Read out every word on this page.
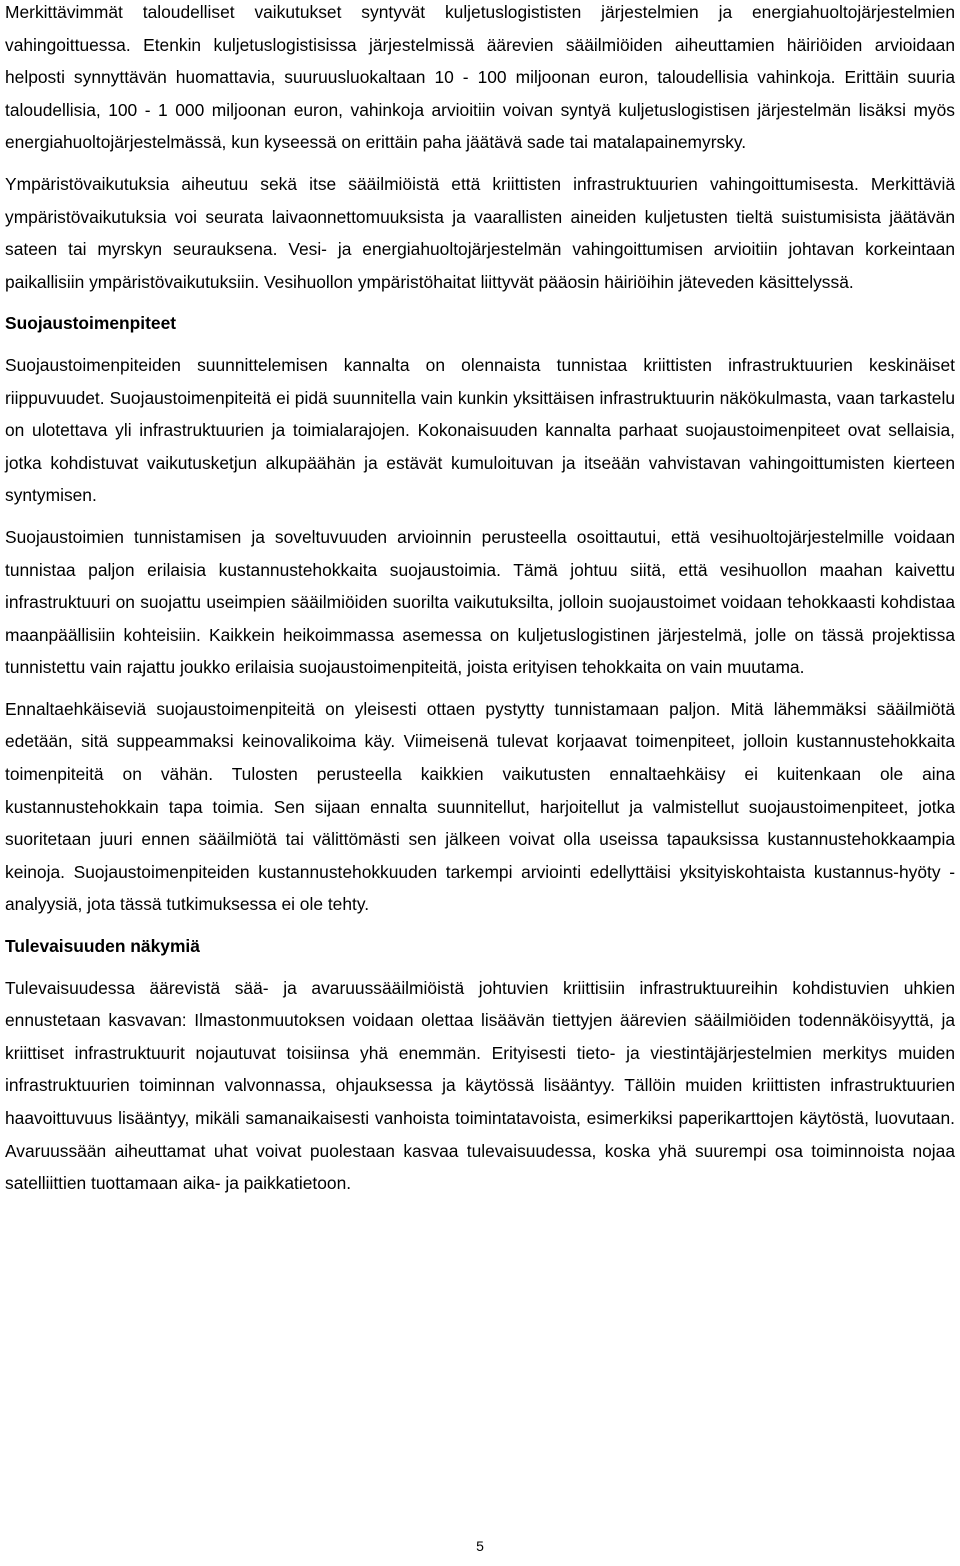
Merkittävimmät taloudelliset vaikutukset syntyvät kuljetuslogististen järjestelmien ja energiahuoltojärjestelmien vahingoittuessa. Etenkin kuljetuslogistisissa järjestelmissä äärevien sääilmiöiden aiheuttamien häiriöiden arvioidaan helposti synnyttävän huomattavia, suuruusluokaltaan 10 - 100 miljoonan euron, taloudellisia vahinkoja. Erittäin suuria taloudellisia, 100 - 1 000 miljoonan euron, vahinkoja arvioitiin voivan syntyä kuljetuslogistisen järjestelmän lisäksi myös energiahuoltojärjestelmässä, kun kyseessä on erittäin paha jäätävä sade tai matalapainemyrsky.

Ympäristövaikutuksia aiheutuu sekä itse sääilmiöistä että kriittisten infrastruktuurien vahingoittumisesta. Merkittäviä ympäristövaikutuksia voi seurata laivaonnettomuuksista ja vaarallisten aineiden kuljetusten tieltä suistumisista jäätävän sateen tai myrskyn seurauksena. Vesi- ja energiahuoltojärjestelmän vahingoittumisen arvioitiin johtavan korkeintaan paikallisiin ympäristövaikutuksiin. Vesihuollon ympäristöhaitat liittyvät pääosin häiriöihin jäteveden käsittelyssä.

Suojaustoimenpiteet

Suojaustoimenpiteiden suunnittelemisen kannalta on olennaista tunnistaa kriittisten infrastruktuurien keskinäiset riippuvuudet. Suojaustoimenpiteitä ei pidä suunnitella vain kunkin yksittäisen infrastruktuurin näkökulmasta, vaan tarkastelu on ulotettava yli infrastruktuurien ja toimialarajojen. Kokonaisuuden kannalta parhaat suojaustoimenpiteet ovat sellaisia, jotka kohdistuvat vaikutusketjun alkupäähän ja estävät kumuloituvan ja itseään vahvistavan vahingoittumisten kierteen syntymisen.

Suojaustoimien tunnistamisen ja soveltuvuuden arvioinnin perusteella osoittautui, että vesihuoltojärjestelmille voidaan tunnistaa paljon erilaisia kustannustehokkaita suojaustoimia. Tämä johtuu siitä, että vesihuollon maahan kaivettu infrastruktuuri on suojattu useimpien sääilmiöiden suorilta vaikutuksilta, jolloin suojaustoimet voidaan tehokkaasti kohdistaa maanpäällisiin kohteisiin. Kaikkein heikoimmassa asemessa on kuljetuslogistinen järjestelmä, jolle on tässä projektissa tunnistettu vain rajattu joukko erilaisia suojaustoimenpiteitä, joista erityisen tehokkaita on vain muutama.

Ennaltaehkäiseviä suojaustoimenpiteitä on yleisesti ottaen pystytty tunnistamaan paljon. Mitä lähemmäksi sääilmiötä edetään, sitä suppeammaksi keinovalikoima käy. Viimeisenä tulevat korjaavat toimenpiteet, jolloin kustannustehokkaita toimenpiteitä on vähän. Tulosten perusteella kaikkien vaikutusten ennaltaehkäisy ei kuitenkaan ole aina kustannustehokkain tapa toimia. Sen sijaan ennalta suunnitellut, harjoitellut ja valmistellut suojaustoimenpiteet, jotka suoritetaan juuri ennen sääilmiötä tai välittömästi sen jälkeen voivat olla useissa tapauksissa kustannustehokkaampia keinoja. Suojaustoimenpiteiden kustannustehokkuuden tarkempi arviointi edellyttäisi yksityiskohtaista kustannus-hyöty -analyysiä, jota tässä tutkimuksessa ei ole tehty.

Tulevaisuuden näkymiä

Tulevaisuudessa äärevistä sää- ja avaruussääilmiöistä johtuvien kriittisiin infrastruktuureihin kohdistuvien uhkien ennustetaan kasvavan: Ilmastonmuutoksen voidaan olettaa lisäävän tiettyjen äärevien sääilmiöiden todennäköisyyttä, ja kriittiset infrastruktuurit nojautuvat toisiinsa yhä enemmän. Erityisesti tieto- ja viestintäjärjestelmien merkitys muiden infrastruktuurien toiminnan valvonnassa, ohjauksessa ja käytössä lisääntyy. Tällöin muiden kriittisten infrastruktuurien haavoittuvuus lisääntyy, mikäli samanaikaisesti vanhoista toimintatavoista, esimerkiksi paperikarttojen käytöstä, luovutaan. Avaruussään aiheuttamat uhat voivat puolestaan kasvaa tulevaisuudessa, koska yhä suurempi osa toiminnoista nojaa satelliittien tuottamaan aika- ja paikkatietoon.

5
